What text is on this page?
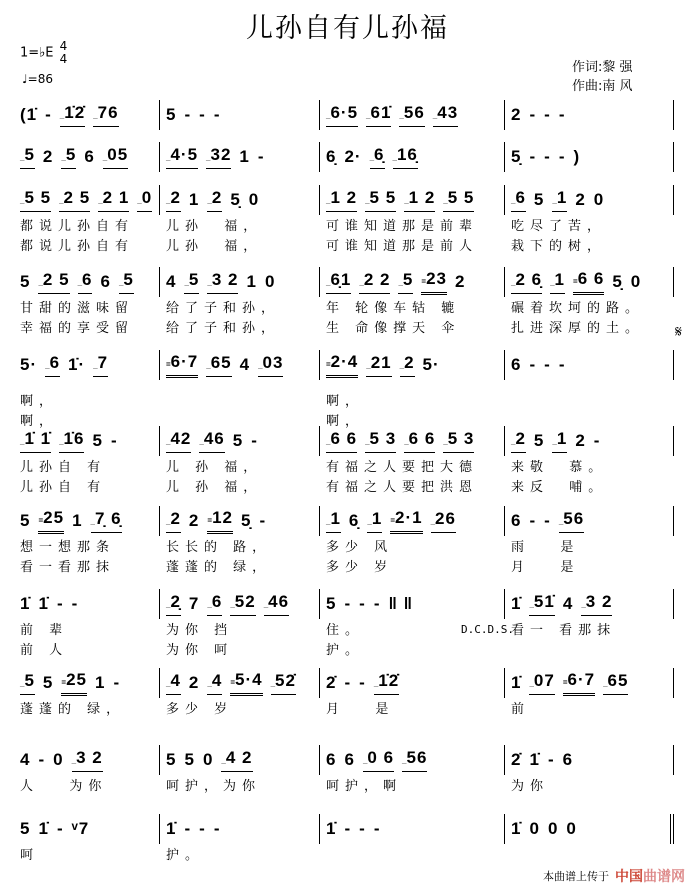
儿孙自有儿孙福
1=♭E 4
4
♩=86
作词:黎 强
作曲:南 风
(1̇ - _1̇2̇ _76	5 - - -	_6·5 _61̇ _56 _43	2 - - -
_5 2 _5 6 _05 _4·5 _32 1 -	6̣ 2· _6̣ _16̣	5̣ - - - )
_5 5 _2 5 _2 1 _0 _2 1 _2 5̣ 0	_1 2 _5 5 _1 2 _5 5 _6 5 _1 2 0
都说儿孙自有	儿孙  福，	可谁知道那是前辈	吃尽了苦，
都说儿孙自有	儿孙  福，	可谁知道那是前人	栽下的树，
5 _2 5 _6 6 _5 4 _5 _3 2 1 0	_6̣1 _2 2 _5 =23 2	_2 6̣ _1 =6 6 5̣ 0
甘甜的滋味留	给了子和孙，	年 轮像车轱 辘	碾着坎坷的路。
幸福的享受留	给了子和孙，	生 命像撑天 伞	扎进深厚的土。
5· _6 1̇· _7	=6·7 _65 4 _03	=2·4 _21 _2 5·	6 - - -
𝄋
啊，	啊，
啊，	啊，
_1̇ 1̇ _1̇6 5 -	_42 _46 5 -	_6 6 _5 3 _6 6 _5 3 _2 5 _1 2 -
儿孙自 有	儿 孙 福，	有福之人要把大德	来敬  慕。
儿孙自 有	儿 孙 福，	有福之人要把洪恩	来反  哺。
5 =25 1 _7̣ 6̣	_2 2 =12 5̣ -	_1 6̣ _1 =2·1 _26	6 - - _56
想一想那条	长长的 路，	多少 风	雨   是
看一看那抹	蓬蓬的 绿，	多少 岁	月   是
1̇ 1̇ - -	_2̣ 7 _6 _52 _46 5 - - - ‖ ‖	1̇ _51̇ 4 _3 2
前 辈	为你 挡	住。	看一 看那抹
前 人	为你 呵	护。
_5 5 =25 1 -	_4 2 _4 =5·4 _52̇ 2̇ - - _1̇2̇	1̇ _07 =6·7 _65
蓬蓬的 绿，	多少 岁	月   是	前
4 - 0 _3 2	5 5 0 _4 2	6 6 _0 6 _56	2̇ 1̇ - 6
人   为你	呵护，为你	呵护，啊	为你
5 1̇ - ᵛ7	1̇ - - -	1̇ - - -	1̇ 0 0 0
呵	护。
D.C.D.S.
本曲谱上传于 中国曲谱网
